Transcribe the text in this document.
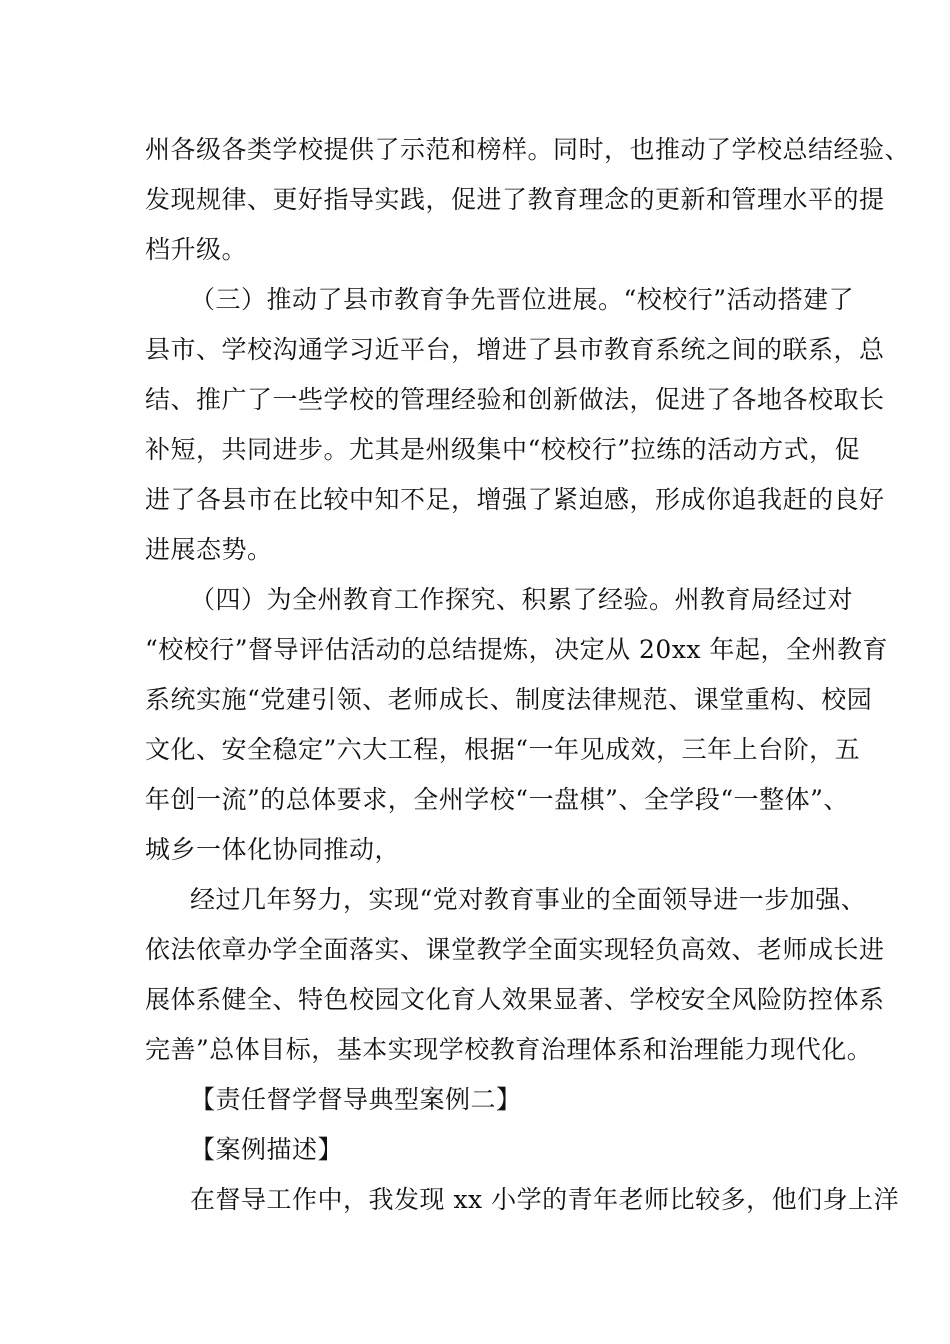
州各级各类学校提供了示范和榜样。同时，也推动了学校总结经验、
发现规律、更好指导实践，促进了教育理念的更新和管理水平的提
档升级。
（三）推动了县市教育争先晋位进展。“校校行”活动搭建了
县市、学校沟通学习近平台，增进了县市教育系统之间的联系，总
结、推广了一些学校的管理经验和创新做法，促进了各地各校取长
补短，共同进步。尤其是州级集中“校校行”拉练的活动方式，促
进了各县市在比较中知不足，增强了紧迫感，形成你追我赶的良好
进展态势。
（四）为全州教育工作探究、积累了经验。州教育局经过对
“校校行”督导评估活动的总结提炼，决定从 20xx 年起，全州教育
系统实施“党建引领、老师成长、制度法律规范、课堂重构、校园
文化、安全稳定”六大工程，根据“一年见成效，三年上台阶，五
年创一流”的总体要求，全州学校“一盘棋”、全学段“一整体”、
城乡一体化协同推动，
经过几年努力，实现“党对教育事业的全面领导进一步加强、
依法依章办学全面落实、课堂教学全面实现轻负高效、老师成长进
展体系健全、特色校园文化育人效果显著、学校安全风险防控体系
完善”总体目标，基本实现学校教育治理体系和治理能力现代化。
【责任督学督导典型案例二】
【案例描述】
在督导工作中，我发现 xx 小学的青年老师比较多，他们身上洋
